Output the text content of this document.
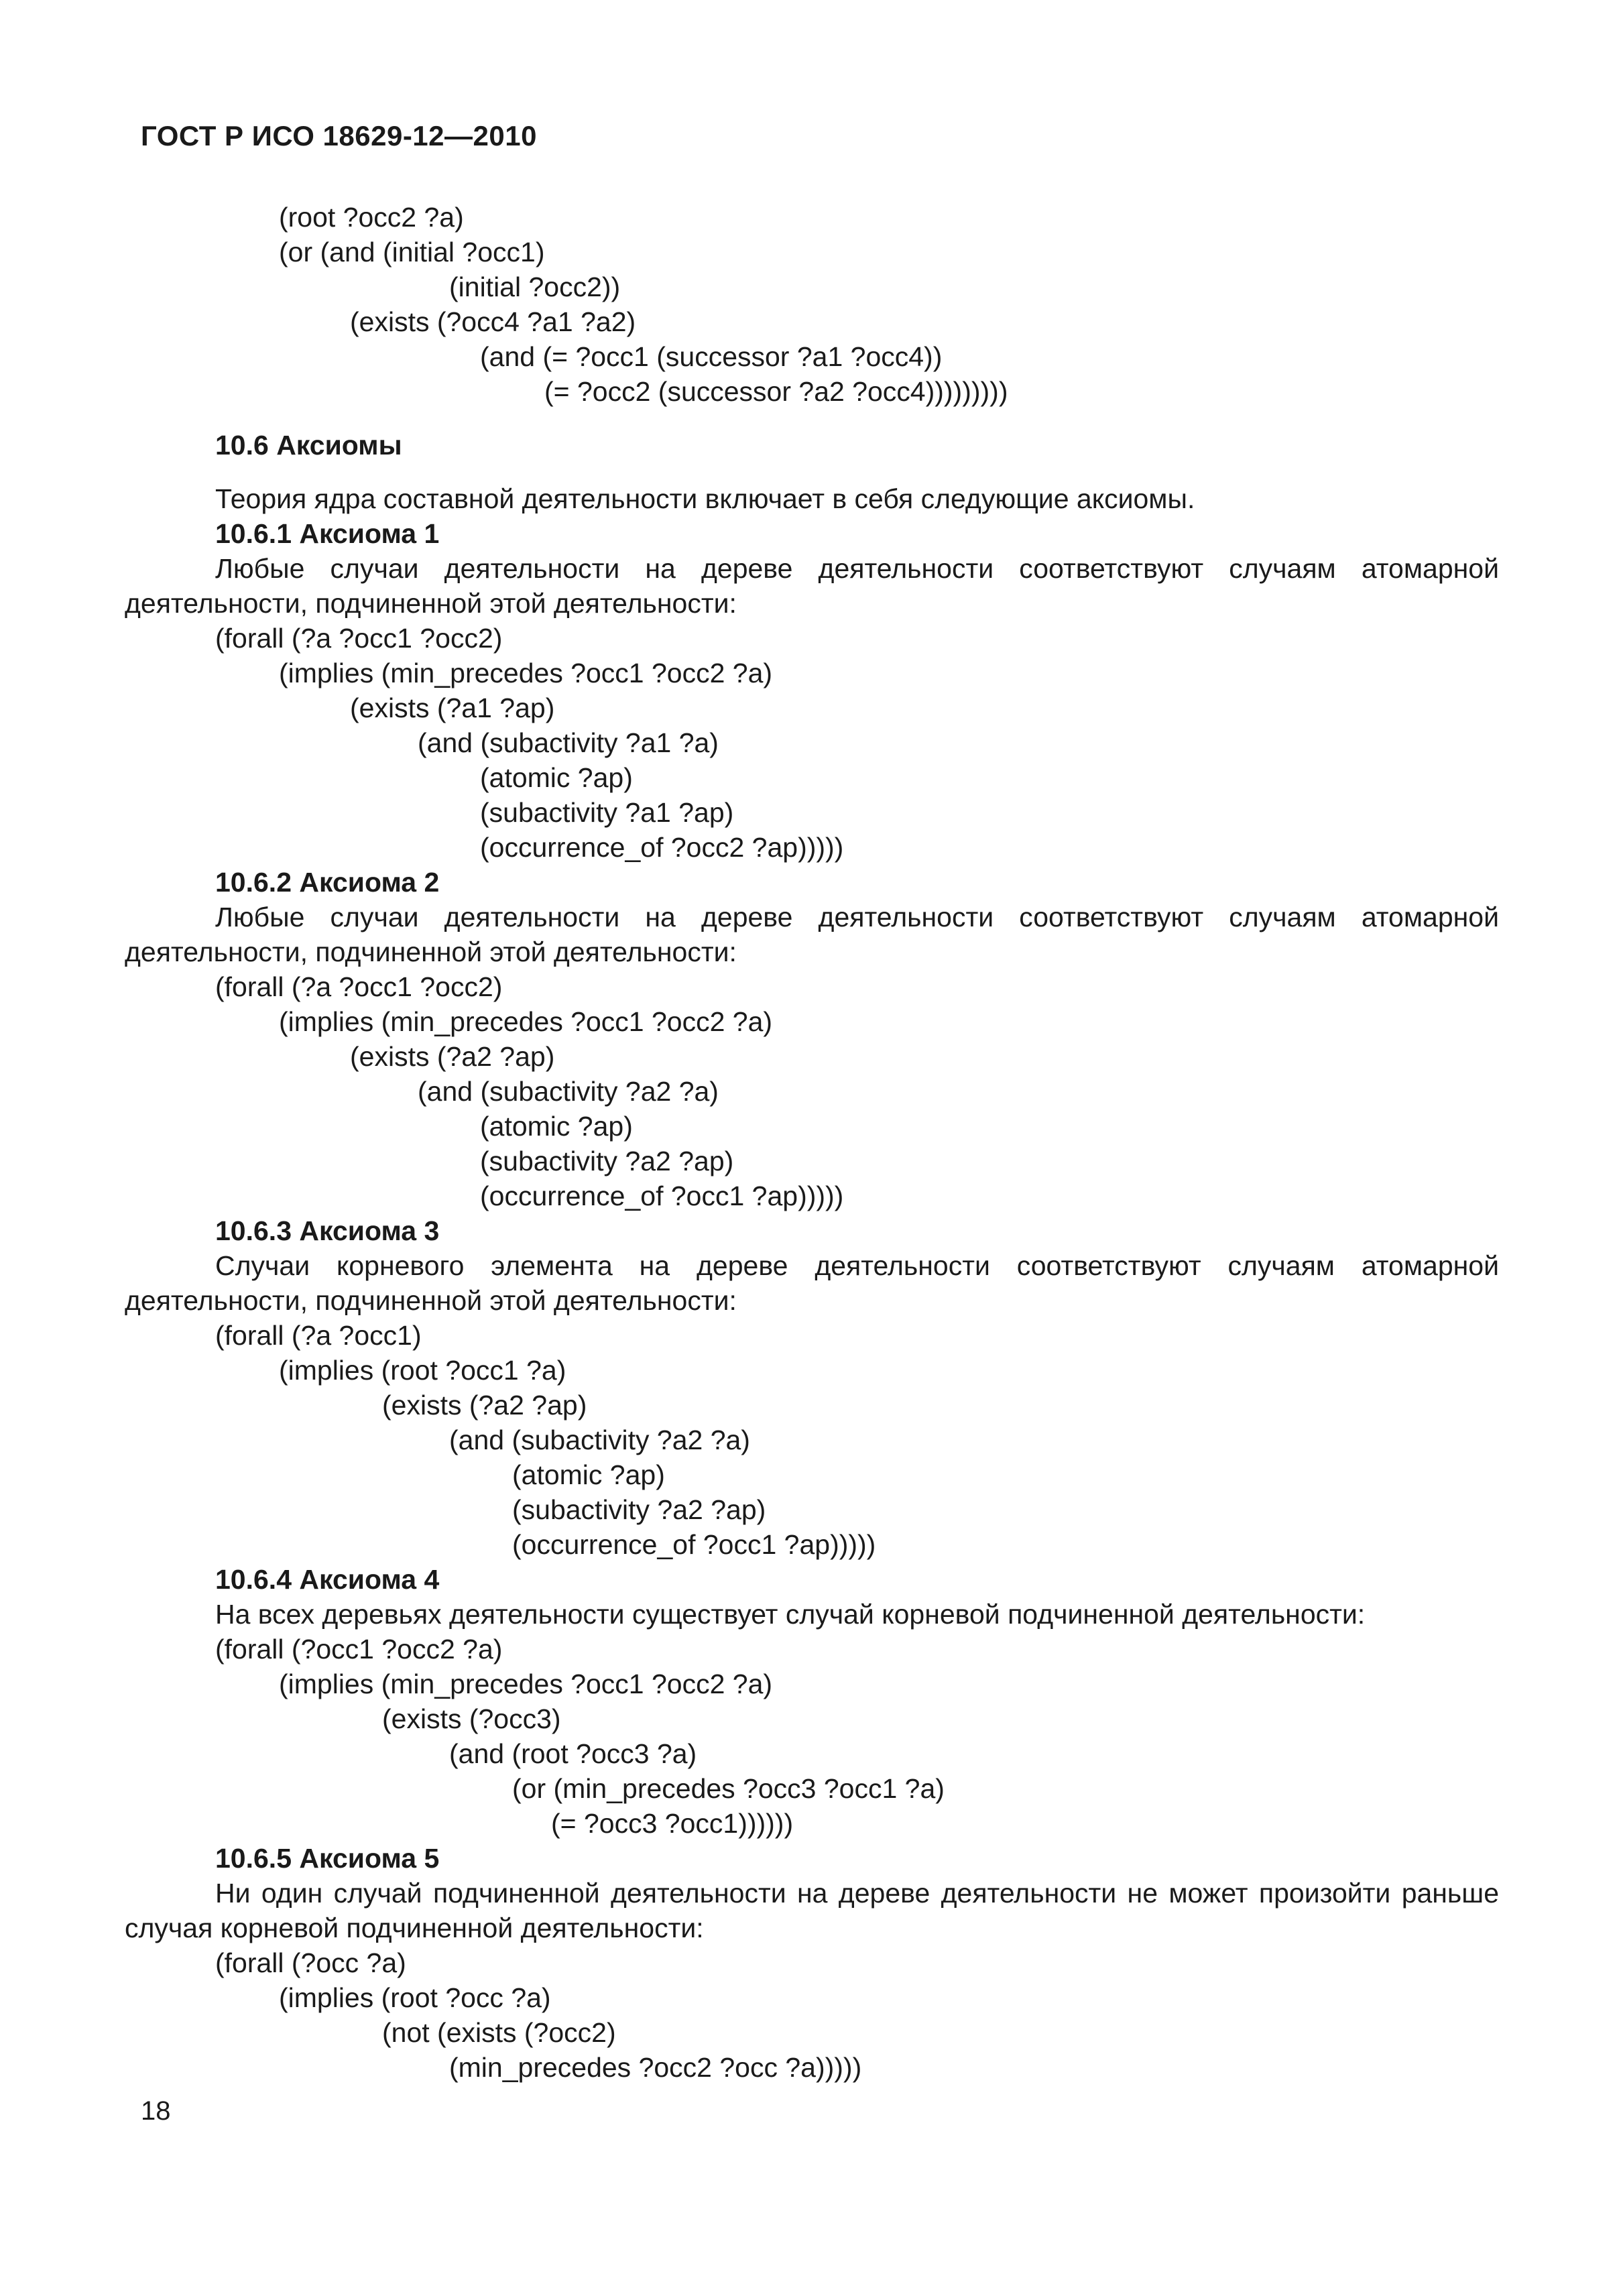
ГОСТ Р ИСО 18629-12—2010
(root ?occ2 ?a)
(or (and (initial ?occ1)
(initial ?occ2))
(exists (?occ4 ?a1 ?a2)
(and (= ?occ1 (successor ?a1 ?occ4))
(= ?occ2 (successor ?a2 ?occ4)))))))))
10.6 Аксиомы
Теория ядра составной деятельности включает в себя следующие аксиомы.
10.6.1 Аксиома 1

Любые случаи деятельности на дереве деятельности соответствуют случаям атомарной деятельности, подчиненной этой деятельности:

(forall (?a ?occ1 ?occ2)
(implies (min_precedes ?occ1 ?occ2 ?a)
(exists (?a1 ?ap)
(and (subactivity ?a1 ?a)
(atomic ?ap)
(subactivity ?a1 ?ap)
(occurrence_of ?occ2 ?ap)))))
10.6.2 Аксиома 2

Любые случаи деятельности на дереве деятельности соответствуют случаям атомарной деятельности, подчиненной этой деятельности:

(forall (?a ?occ1 ?occ2)
(implies (min_precedes ?occ1 ?occ2 ?a)
(exists (?a2 ?ap)
(and (subactivity ?a2 ?a)
(atomic ?ap)
(subactivity ?a2 ?ap)
(occurrence_of ?occ1 ?ap)))))
10.6.3 Аксиома 3

Случаи корневого элемента на дереве деятельности соответствуют случаям атомарной деятельности, подчиненной этой деятельности:

(forall (?a ?occ1)
(implies (root ?occ1 ?a)
(exists (?a2 ?ap)
(and (subactivity ?a2 ?a)
(atomic ?ap)
(subactivity ?a2 ?ap)
(occurrence_of ?occ1 ?ap)))))
10.6.4 Аксиома 4
На всех деревьях деятельности существует случай корневой подчиненной деятельности:
(forall (?occ1 ?occ2 ?a)
(implies (min_precedes ?occ1 ?occ2 ?a)
(exists (?occ3)
(and (root ?occ3 ?a)
(or (min_precedes ?occ3 ?occ1 ?a)
(= ?occ3 ?occ1))))))
10.6.5 Аксиома 5

Ни один случай подчиненной деятельности на дереве деятельности не может произойти раньше случая корневой подчиненной деятельности:

(forall (?occ ?a)
(implies (root ?occ ?a)
(not (exists (?occ2)
(min_precedes ?occ2 ?occ ?a)))))
18
